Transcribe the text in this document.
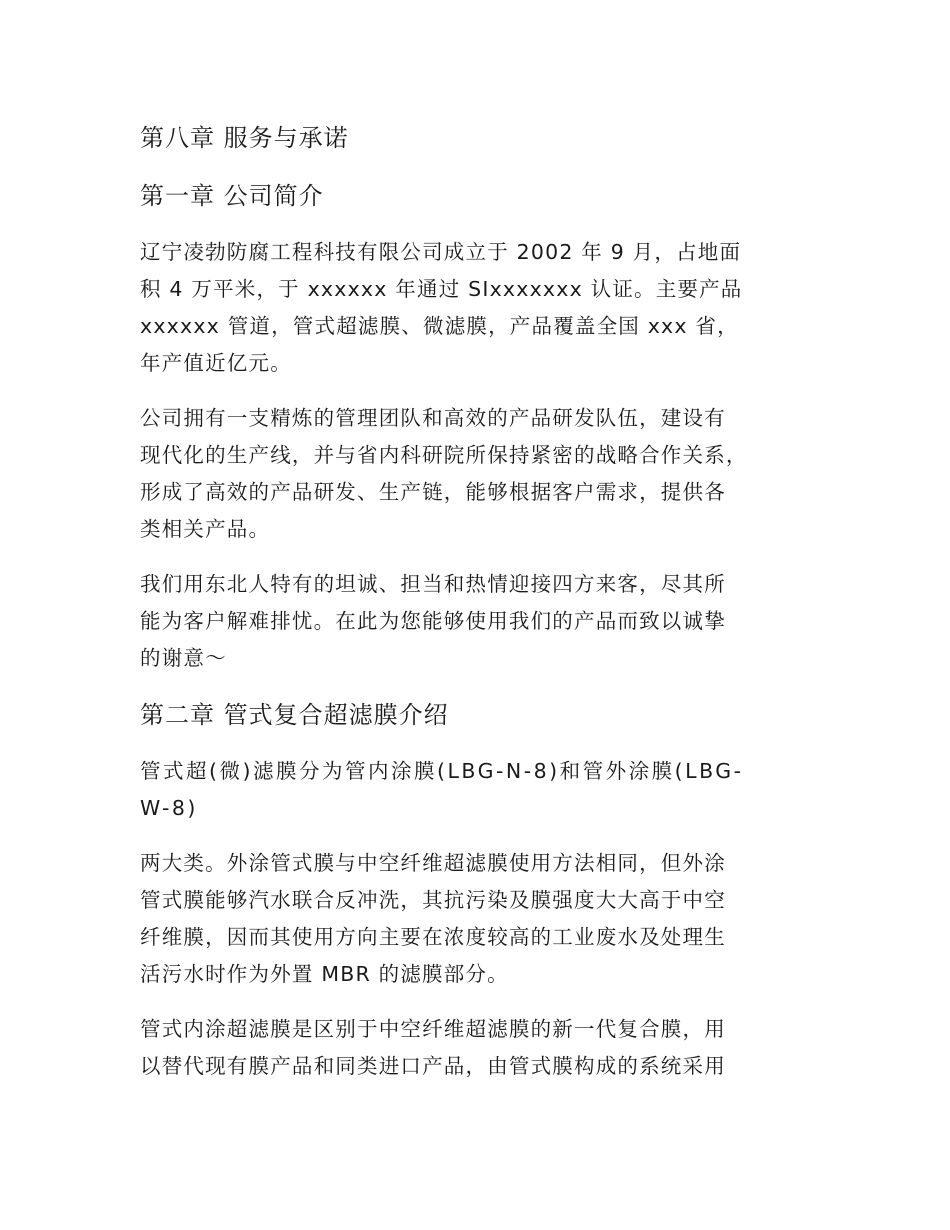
第八章 服务与承诺
第一章 公司简介

辽宁凌勃防腐工程科技有限公司成立于 2002 年 9 月，占地面
积 4 万平米，于 xxxxxx 年通过 SIxxxxxxx 认证。主要产品
xxxxxx 管道，管式超滤膜、微滤膜，产品覆盖全国 xxx 省，
年产值近亿元。

公司拥有一支精炼的管理团队和高效的产品研发队伍，建设有
现代化的生产线，并与省内科研院所保持紧密的战略合作关系，
形成了高效的产品研发、生产链，能够根据客户需求，提供各
类相关产品。

我们用东北人特有的坦诚、担当和热情迎接四方来客，尽其所
能为客户解难排忧。在此为您能够使用我们的产品而致以诚挚
的谢意～

第二章 管式复合超滤膜介绍

管式超(微)滤膜分为管内涂膜(LBG-N-8)和管外涂膜(LBG-
W-8)

两大类。外涂管式膜与中空纤维超滤膜使用方法相同，但外涂
管式膜能够汽水联合反冲洗，其抗污染及膜强度大大高于中空
纤维膜，因而其使用方向主要在浓度较高的工业废水及处理生
活污水时作为外置 MBR 的滤膜部分。

管式内涂超滤膜是区别于中空纤维超滤膜的新一代复合膜，用
以替代现有膜产品和同类进口产品，由管式膜构成的系统采用
